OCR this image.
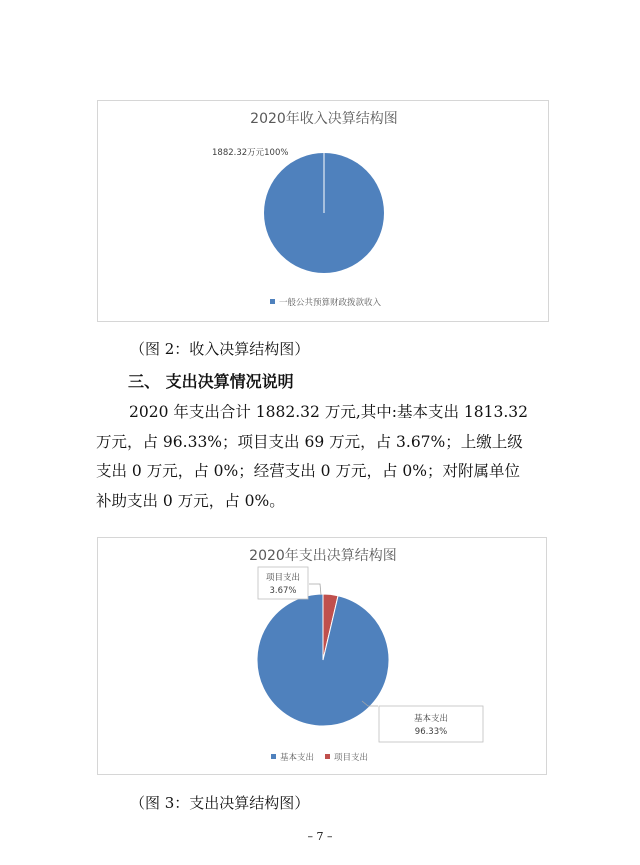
2020年收入决算结构图
1882.32万元100%
一般公共预算财政拨款收入
（图 2：收入决算结构图）
三、 支出决算情况说明

2020 年支出合计 1882.32 万元,其中:基本支出 1813.32
万元，占 96.33%；项目支出 69 万元，占 3.67%；上缴上级
支出 0 万元，占 0%；经营支出 0 万元，占 0%；对附属单位
补助支出 0 万元，占 0%。

2020年支出决算结构图
项目支出
3.67%
基本支出
96.33%
基本支出 项目支出
（图 3：支出决算结构图）
– 7 –
